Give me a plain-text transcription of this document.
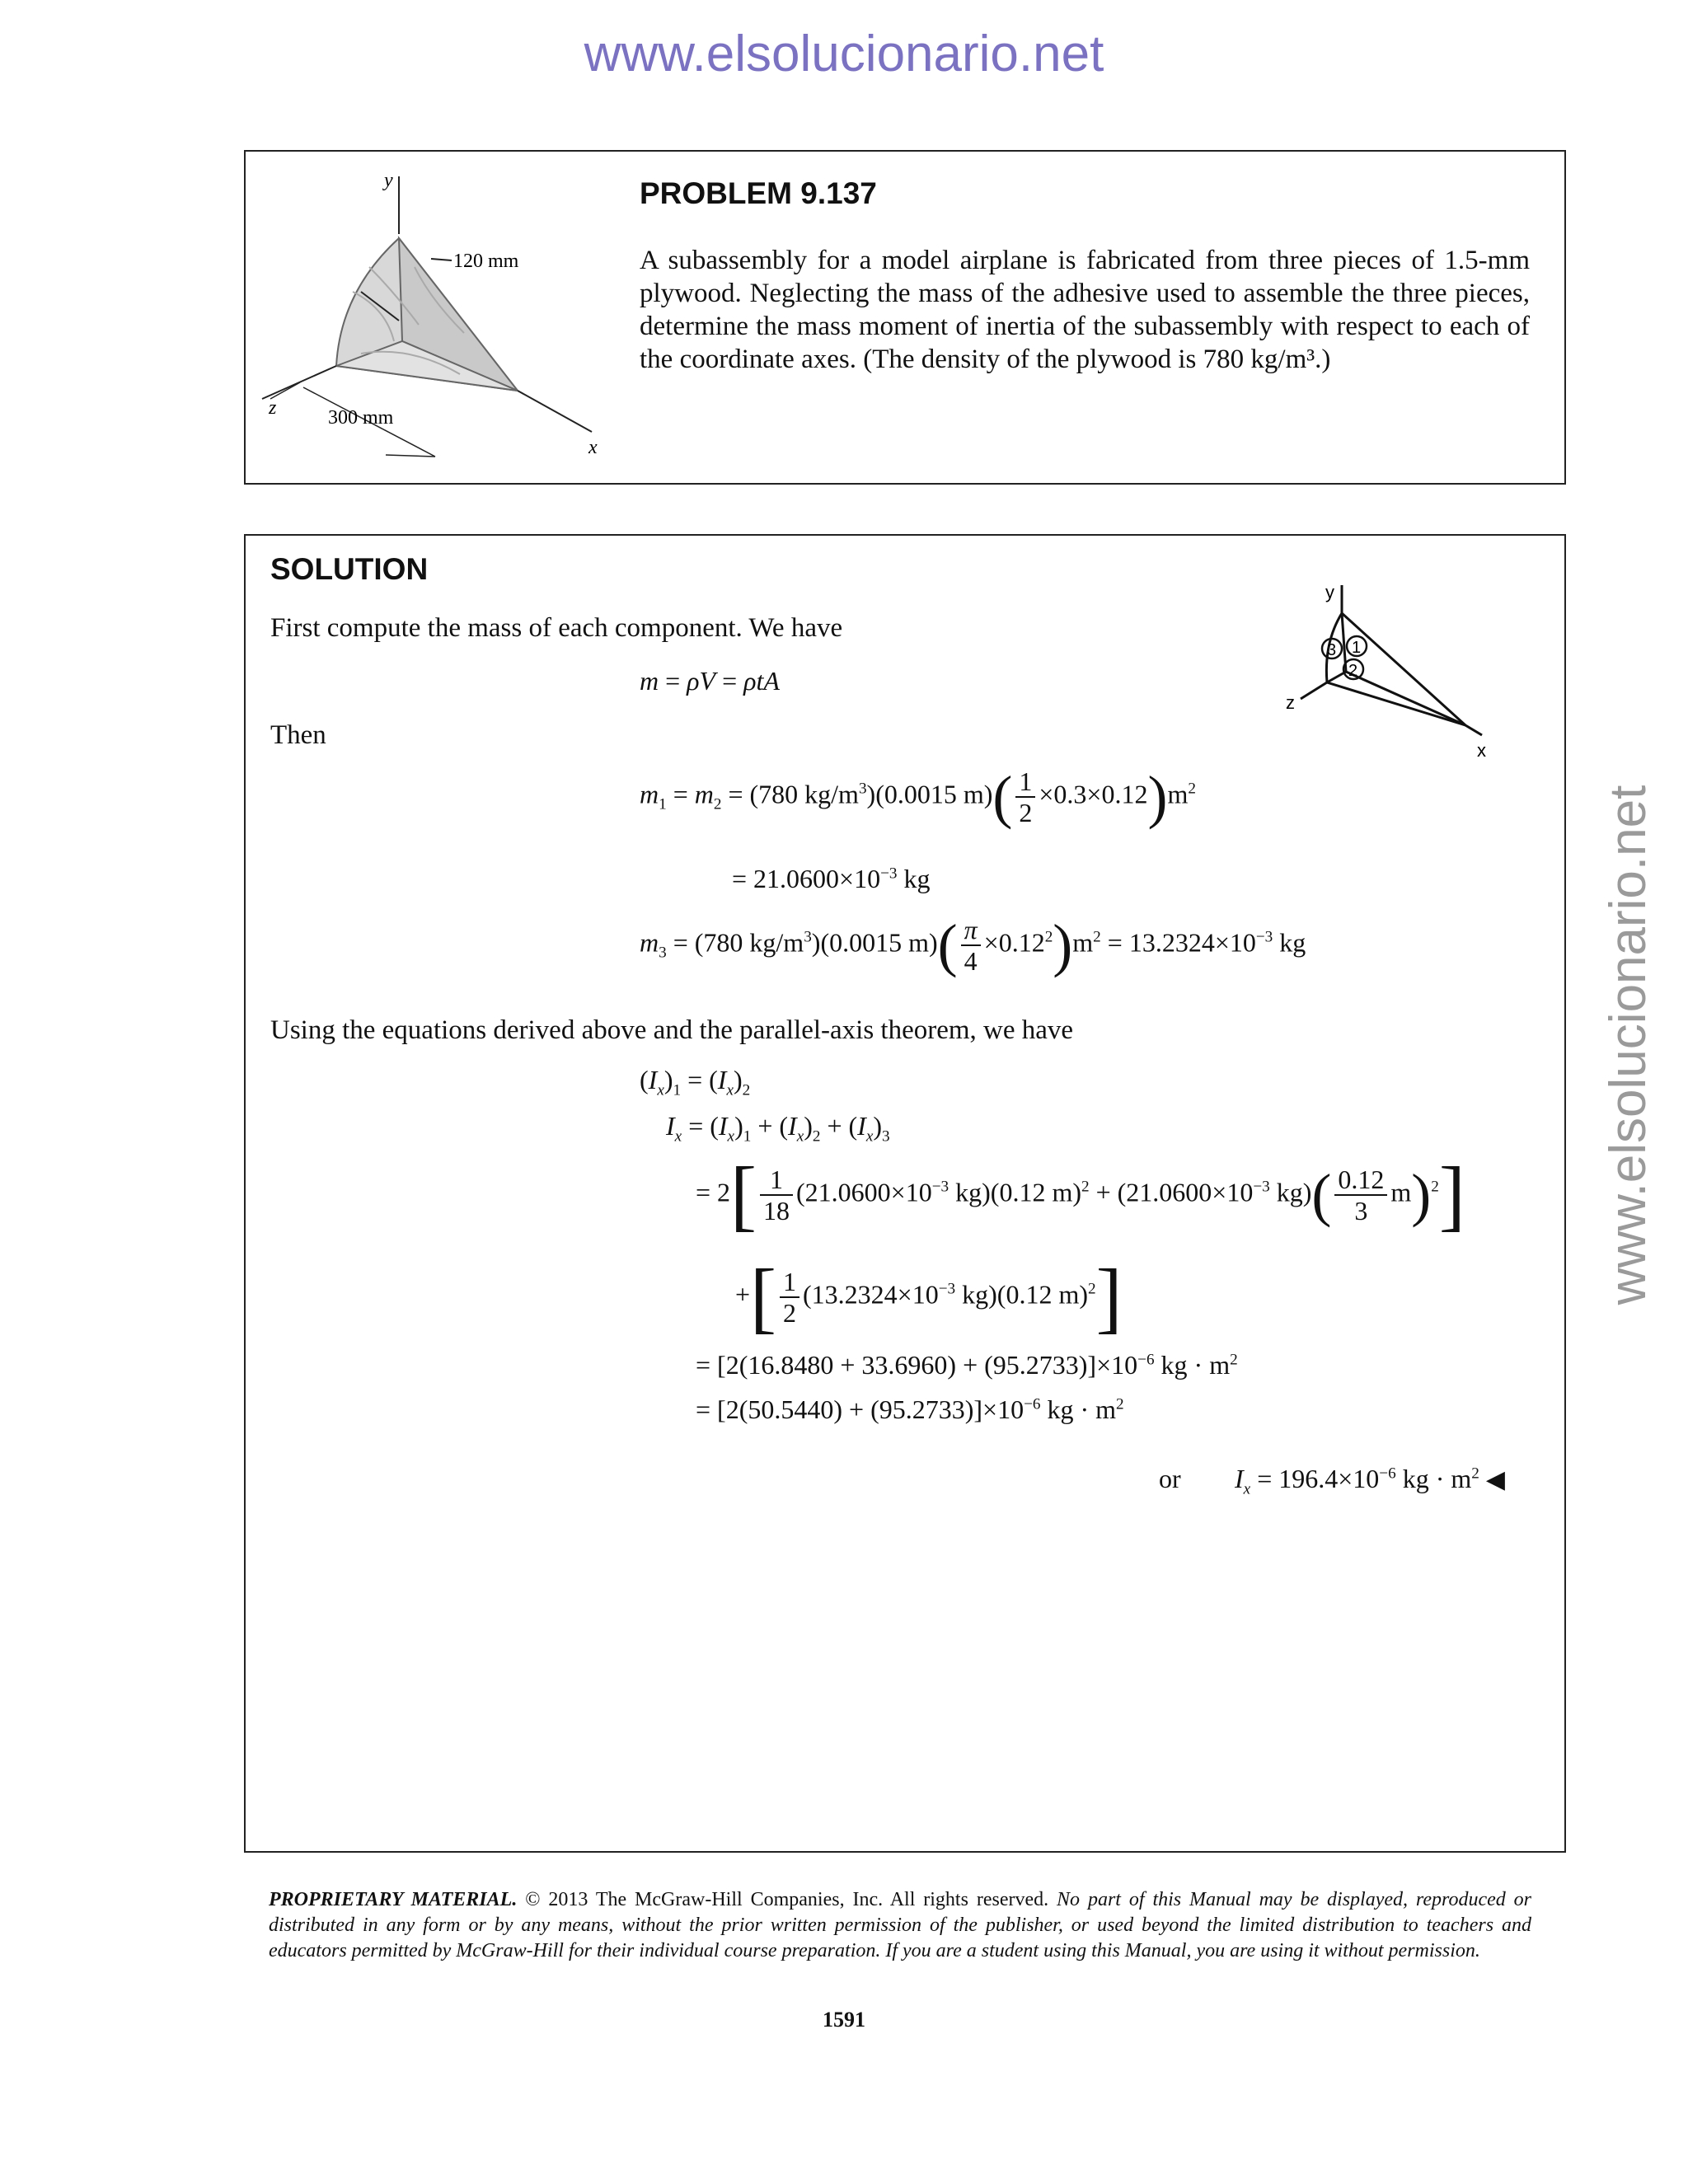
www.elsolucionario.net
www.elsolucionario.net
y
120 mm
z	300 mm
x
PROBLEM 9.137
A subassembly for a model airplane is fabricated from three pieces of 1.5-mm plywood. Neglecting the mass of the adhesive used to assemble the three pieces, determine the mass moment of inertia of the subassembly with respect to each of the coordinate axes. (The density of the plywood is 780 kg/m³.)
SOLUTION
First compute the mass of each component. We have
3 1
2
y
z
x
m = ρV = ρtA
Then
$m_1 = m_2 = (780$ $kg/m^3)(0.0015$ $m)( \frac{1}{2} \times 0.3\times 0.12)m^2$
= $21.0600\times 10^{-3}$ kg
$m_3 = (780$ $kg/m^3)(0.0015$ $m)( \frac{\pi}{4} \times 0.12^2)m^2 = 13.2324\times 10^{-3}$ kg
Using the equations derived above and the parallel-axis theorem, we have
$(I_x)_1 = (I_x)_2$
$I_x = (I_x)_1 + (I_x)_2 + (I_x)_3$
= $2[ \frac{1}{18} (21.0600\times 10^{-3}$ kg)(0.12 $m)^2 + (21.0600\times 10^{-3}$ $kg)( \frac{0.12}{3} m)^2$]
+[ $\frac{1}{2} (13.2324\times 10^{-3}$ kg)(0.12 m)$^2$]
= $[2(16.8480 + 33.6960) + (95.2733)]\times 10^{-6}$ kg · $m^2$
= $[2(50.5440) + (95.2733)]\times 10^{-6}$ kg · $m^2$
or $I_x = 196.4\times 10^{-6}$ kg · $m^2$ ◀
PROPRIETARY MATERIAL. © 2013 The McGraw-Hill Companies, Inc. All rights reserved. No part of this Manual may be displayed, reproduced or distributed in any form or by any means, without the prior written permission of the publisher, or used beyond the limited distribution to teachers and educators permitted by McGraw-Hill for their individual course preparation. If you are a student using this Manual, you are using it without permission.
1591
